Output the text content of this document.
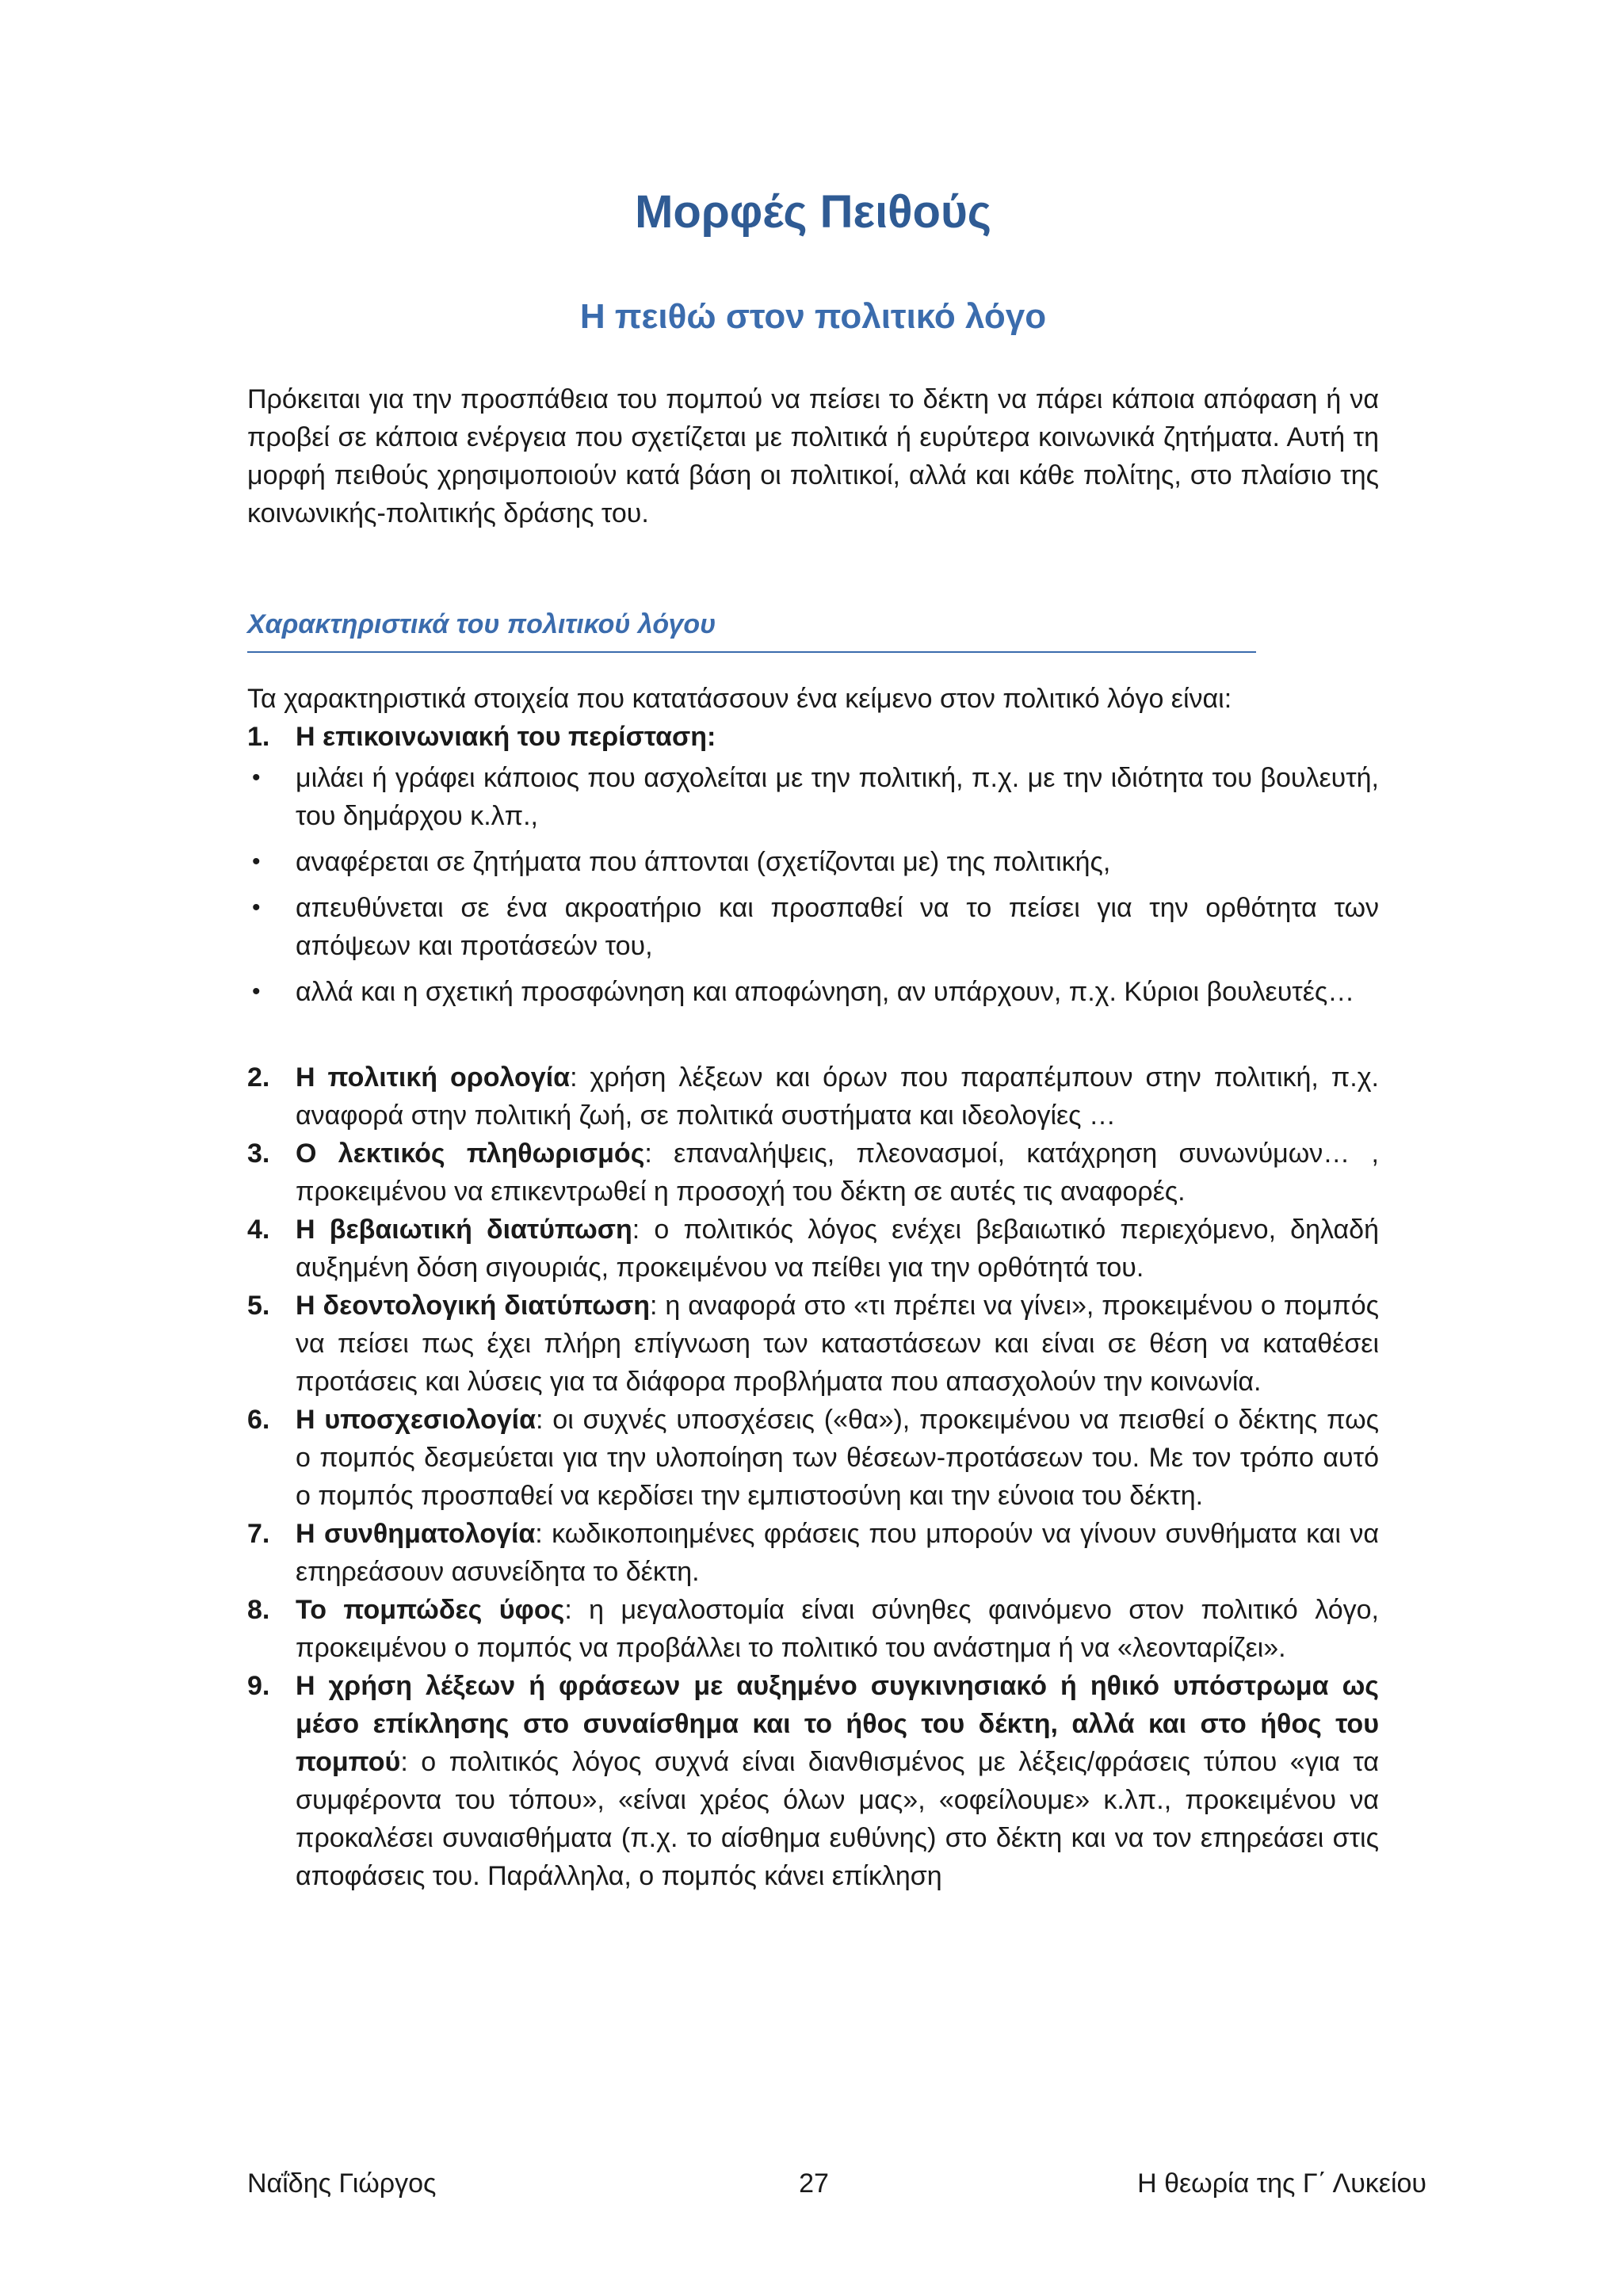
Μορφές Πειθούς
Η πειθώ στον πολιτικό λόγο

Πρόκειται για την προσπάθεια του πομπού να πείσει το δέκτη να πάρει κάποια απόφαση ή να προβεί σε κάποια ενέργεια που σχετίζεται με πολιτικά ή ευρύτερα κοινωνικά ζητήματα. Αυτή τη μορφή πειθούς χρησιμοποιούν κατά βάση οι πολιτικοί, αλλά και κάθε πολίτης, στο πλαίσιο της κοινωνικής-πολιτικής δράσης του.

Χαρακτηριστικά του πολιτικού λόγου

Τα χαρακτηριστικά στοιχεία που κατατάσσουν ένα κείμενο στον πολιτικό λόγο είναι:

1. Η επικοινωνιακή του περίσταση:
•	μιλάει ή γράφει κάποιος που ασχολείται με την πολιτική, π.χ. με την ιδιότητα του βουλευτή, του δημάρχου κ.λπ.,
•	αναφέρεται σε ζητήματα που άπτονται (σχετίζονται με) της πολιτικής,
•	απευθύνεται σε ένα ακροατήριο και προσπαθεί να το πείσει για την ορθότητα των απόψεων και προτάσεών του,
•	αλλά και η σχετική προσφώνηση και αποφώνηση, αν υπάρχουν, π.χ. Κύριοι βουλευτές…
2. Η πολιτική ορολογία: χρήση λέξεων και όρων που παραπέμπουν στην πολιτική, π.χ. αναφορά στην πολιτική ζωή, σε πολιτικά συστήματα και ιδεολογίες …
3. Ο λεκτικός πληθωρισμός: επαναλήψεις, πλεονασμοί, κατάχρηση συνωνύμων… , προκειμένου να επικεντρωθεί η προσοχή του δέκτη σε αυτές τις αναφορές.
4. Η βεβαιωτική διατύπωση: ο πολιτικός λόγος ενέχει βεβαιωτικό περιεχόμενο, δηλαδή αυξημένη δόση σιγουριάς, προκειμένου να πείθει για την ορθότητά του.
5. Η δεοντολογική διατύπωση: η αναφορά στο «τι πρέπει να γίνει», προκειμένου ο πομπός να πείσει πως έχει πλήρη επίγνωση των καταστάσεων και είναι σε θέση να καταθέσει προτάσεις και λύσεις για τα διάφορα προβλήματα που απασχολούν την κοινωνία.
6. Η υποσχεσιολογία: οι συχνές υποσχέσεις («θα»), προκειμένου να πεισθεί ο δέκτης πως ο πομπός δεσμεύεται για την υλοποίηση των θέσεων-προτάσεων του. Με τον τρόπο αυτό ο πομπός προσπαθεί να κερδίσει την εμπιστοσύνη και την εύνοια του δέκτη.
7. Η συνθηματολογία: κωδικοποιημένες φράσεις που μπορούν να γίνουν συνθήματα και να επηρεάσουν ασυνείδητα το δέκτη.
8. Το πομπώδες ύφος: η μεγαλοστομία είναι σύνηθες φαινόμενο στον πολιτικό λόγο, προκειμένου ο πομπός να προβάλλει το πολιτικό του ανάστημα ή να «λεονταρίζει».
9. Η χρήση λέξεων ή φράσεων με αυξημένο συγκινησιακό ή ηθικό υπόστρωμα ως μέσο επίκλησης στο συναίσθημα και το ήθος του δέκτη, αλλά και στο ήθος του πομπού: ο πολιτικός λόγος συχνά είναι διανθισμένος με λέξεις/φράσεις τύπου «για τα συμφέροντα του τόπου», «είναι χρέος όλων μας», «οφείλουμε» κ.λπ., προκειμένου να προκαλέσει συναισθήματα (π.χ. το αίσθημα ευθύνης) στο δέκτη και να τον επηρεάσει στις αποφάσεις του. Παράλληλα, ο πομπός κάνει επίκληση
Ναΐδης Γιώργος	27	Η θεωρία της Γ΄ Λυκείου
